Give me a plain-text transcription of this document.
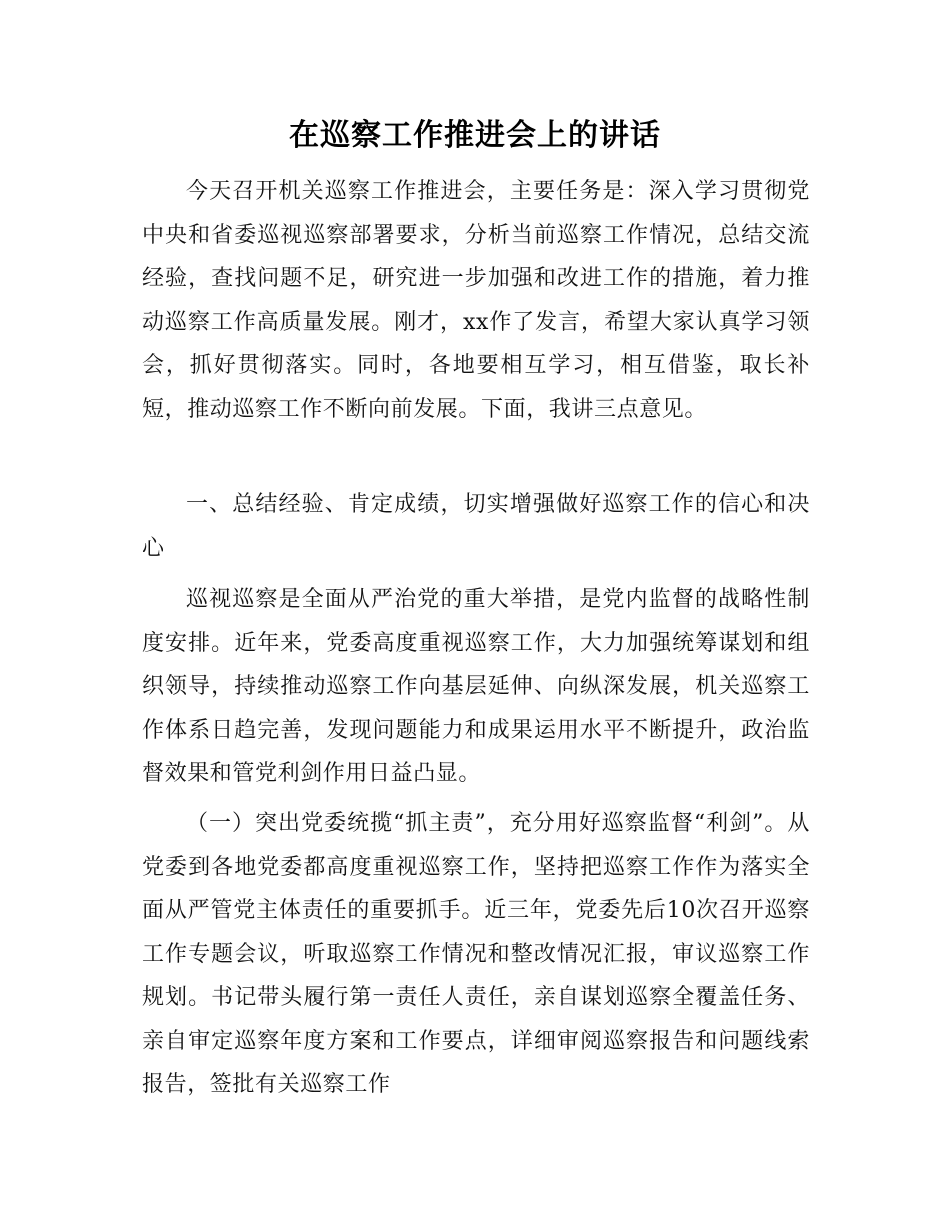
在巡察工作推进会上的讲话

今天召开机关巡察工作推进会，主要任务是：深入学习贯彻党中央和省委巡视巡察部署要求，分析当前巡察工作情况，总结交流经验，查找问题不足，研究进一步加强和改进工作的措施，着力推动巡察工作高质量发展。刚才，xx作了发言，希望大家认真学习领会，抓好贯彻落实。同时，各地要相互学习，相互借鉴，取长补短，推动巡察工作不断向前发展。下面，我讲三点意见。

一、总结经验、肯定成绩，切实增强做好巡察工作的信心和决心

巡视巡察是全面从严治党的重大举措，是党内监督的战略性制度安排。近年来，党委高度重视巡察工作，大力加强统筹谋划和组织领导，持续推动巡察工作向基层延伸、向纵深发展，机关巡察工作体系日趋完善，发现问题能力和成果运用水平不断提升，政治监督效果和管党利剑作用日益凸显。

（一）突出党委统揽“抓主责”，充分用好巡察监督“利剑”。从党委到各地党委都高度重视巡察工作，坚持把巡察工作作为落实全面从严管党主体责任的重要抓手。近三年，党委先后10次召开巡察工作专题会议，听取巡察工作情况和整改情况汇报，审议巡察工作规划。书记带头履行第一责任人责任，亲自谋划巡察全覆盖任务、亲自审定巡察年度方案和工作要点，详细审阅巡察报告和问题线索报告，签批有关巡察工作
